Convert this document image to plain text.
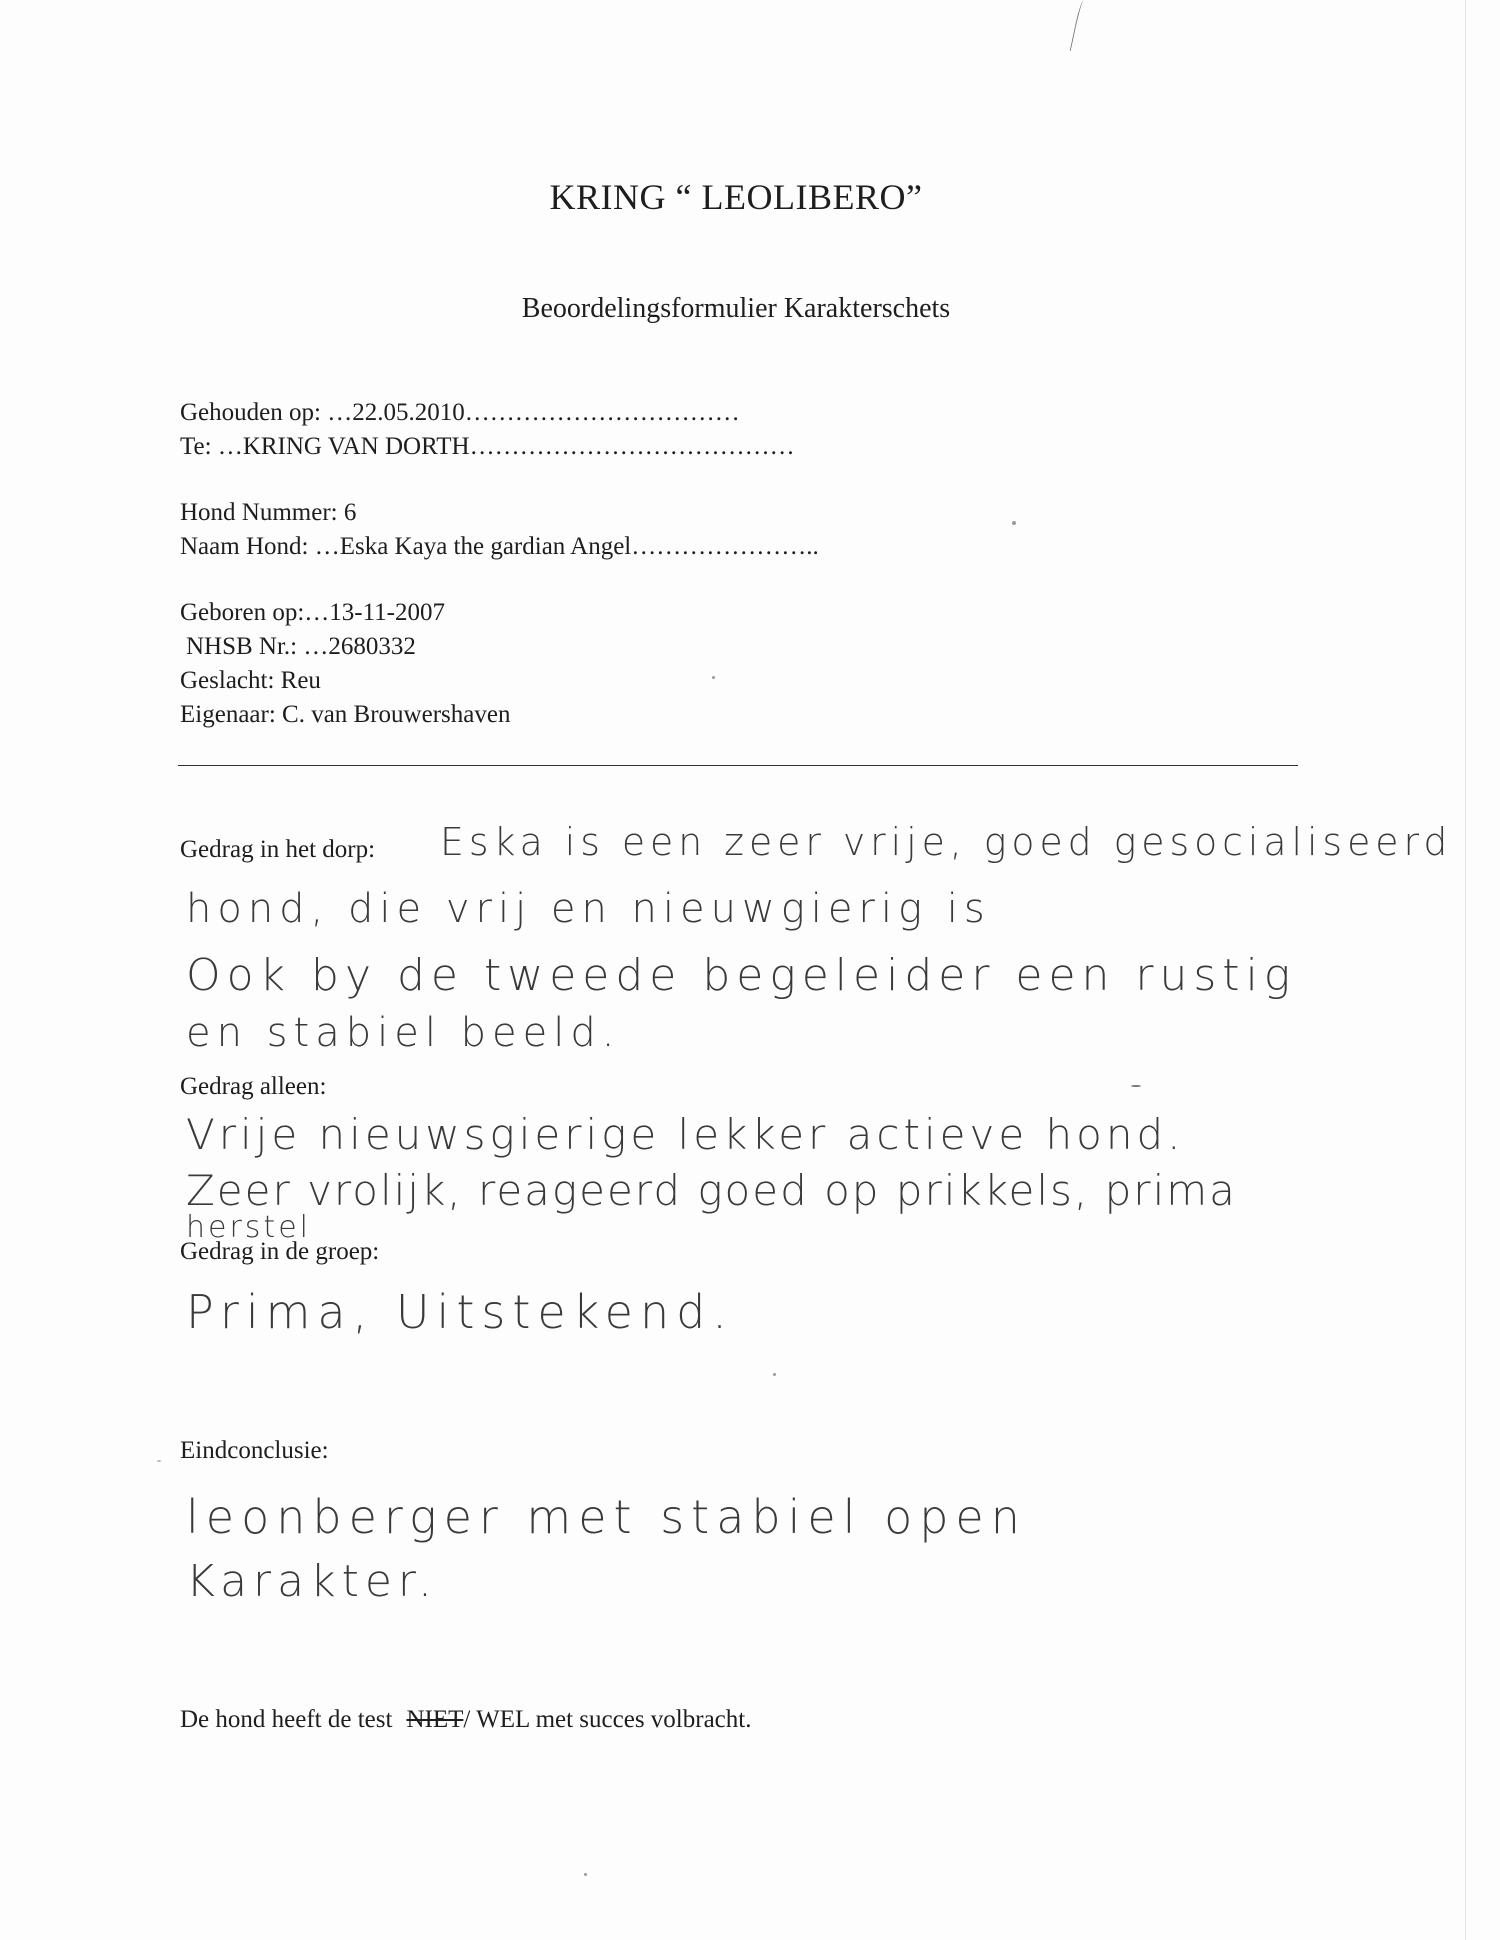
KRING “ LEOLIBERO”
Beoordelingsformulier Karakterschets
Gehouden op: …22.05.2010……………………………
Te: …KRING VAN DORTH…………………………………
Hond Nummer: 6
Naam Hond: …Eska Kaya the gardian Angel…………………..
Geboren op:…13-11-2007
NHSB Nr.: …2680332
Geslacht: Reu
Eigenaar: C. van Brouwershaven
Gedrag in het dorp: Eska is een zeer vrije, goed gesocialiseerd
hond, die vrij en nieuwgierig is
Ook by de tweede begeleider een rustig
en stabiel beeld.
Gedrag alleen:
Vrije nieuwsgierige lekker actieve hond.
Zeer vrolijk, reageerd goed op prikkels, prima
herstel
Gedrag in de groep:
Prima, Uitstekend.
Eindconclusie:
leonberger met stabiel open
Karakter.
De hond heeft de test NIET/ WEL met succes volbracht.
